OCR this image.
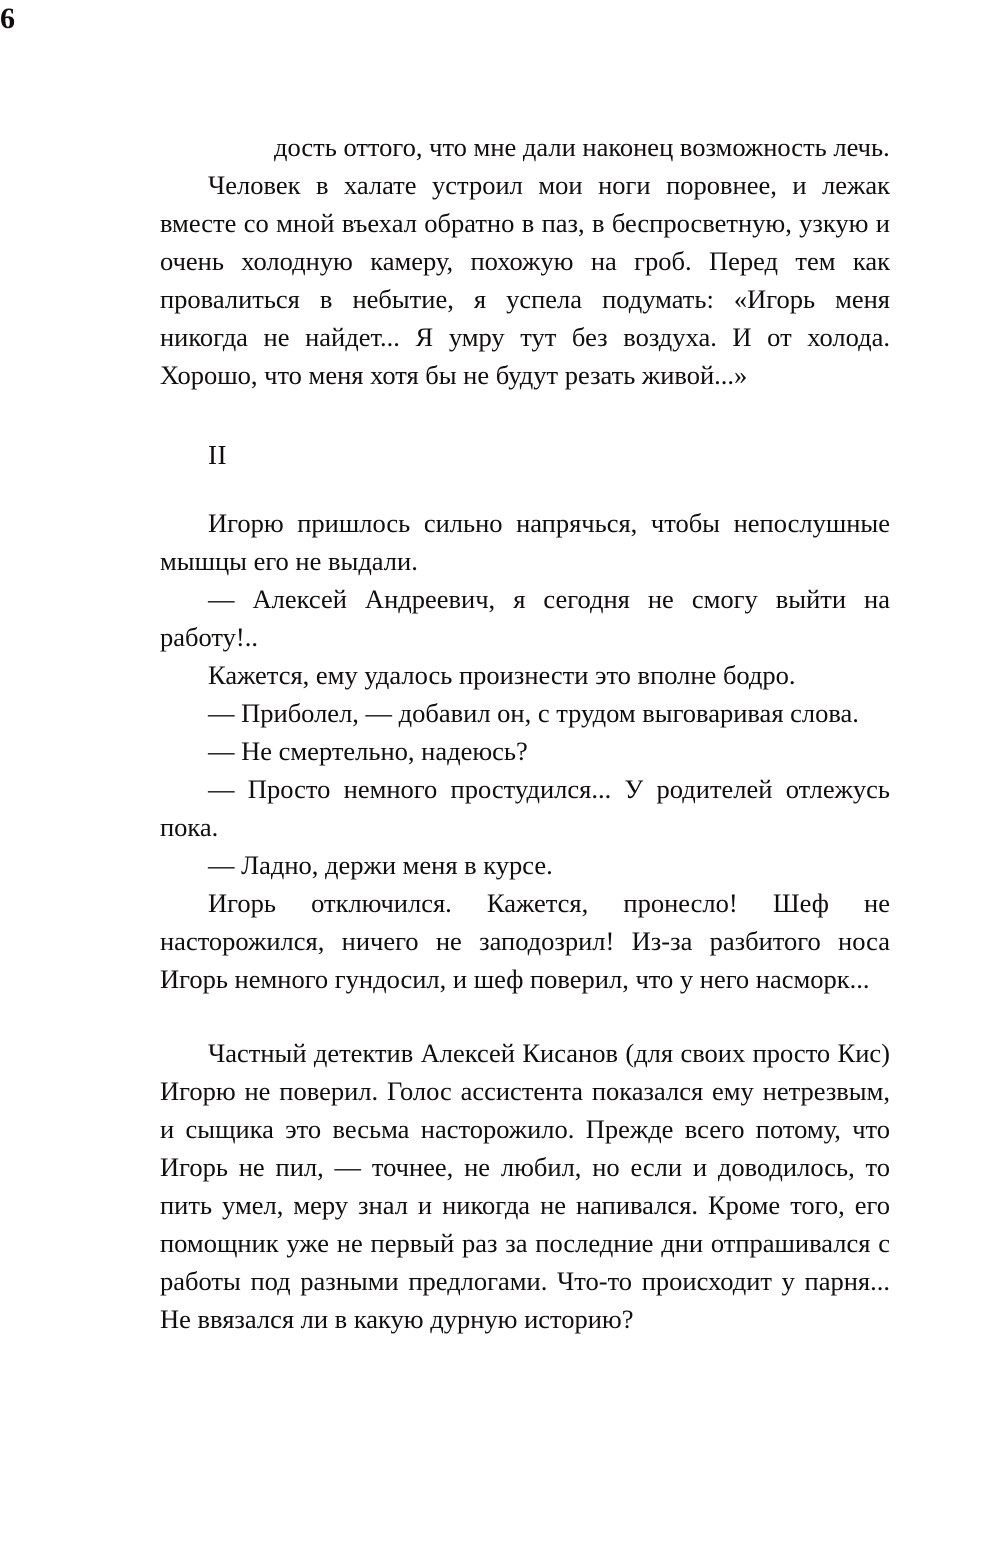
6

дость оттого, что мне дали наконец возможность лечь.

Человек в халате устроил мои ноги поровнее, и лежак вместе со мной въехал обратно в паз, в беспросветную, узкую и очень холодную камеру, похожую на гроб. Перед тем как провалиться в небытие, я успела подумать: «Игорь меня никогда не найдет... Я умру тут без воздуха. И от холода. Хорошо, что меня хотя бы не будут резать живой...»

II

Игорю пришлось сильно напрячься, чтобы непослушные мышцы его не выдали.

— Алексей Андреевич, я сегодня не смогу выйти на работу!..

Кажется, ему удалось произнести это вполне бодро.

— Приболел, — добавил он, с трудом выговаривая слова.

— Не смертельно, надеюсь?

— Просто немного простудился... У родителей отлежусь пока.

— Ладно, держи меня в курсе.

Игорь отключился. Кажется, пронесло! Шеф не насторожился, ничего не заподозрил! Из-за разбитого носа Игорь немного гундосил, и шеф поверил, что у него насморк...

Частный детектив Алексей Кисанов (для своих просто Кис) Игорю не поверил. Голос ассистента показался ему нетрезвым, и сыщика это весьма насторожило. Прежде всего потому, что Игорь не пил, — точнее, не любил, но если и доводилось, то пить умел, меру знал и никогда не напивался. Кроме того, его помощник уже не первый раз за последние дни отпрашивался с работы под разными предлогами. Что-то происходит у парня... Не ввязался ли в какую дурную историю?
